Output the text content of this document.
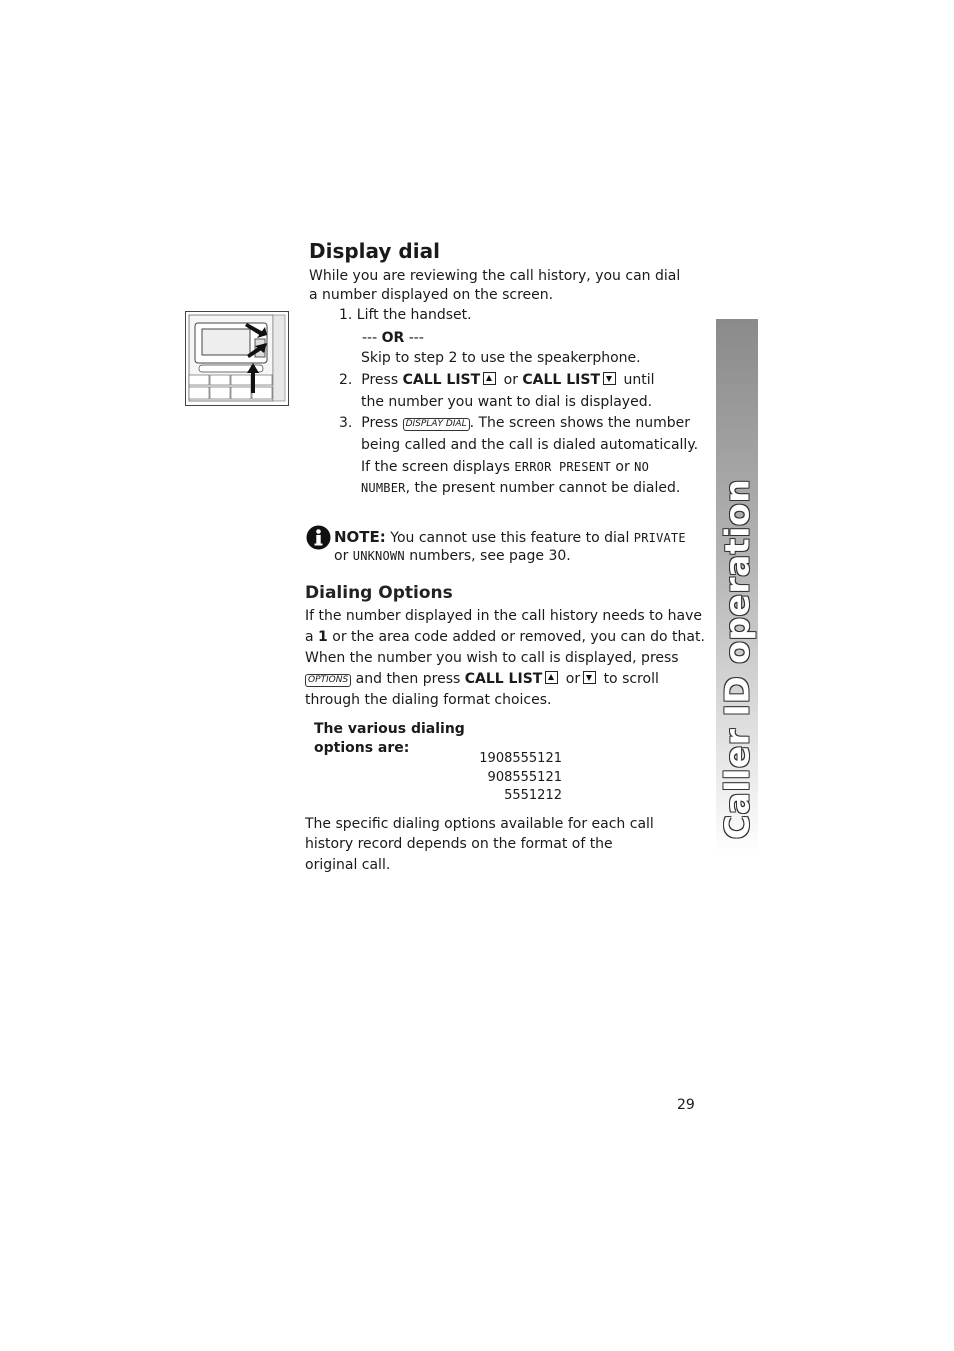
Display dial
While you are reviewing the call history, you can dial
a number displayed on the screen.
1. Lift the handset.
--- OR ---
Skip to step 2 to use the speakerphone.
2. Press CALL LIST or CALL LIST until
the number you want to dial is displayed.
3. Press DISPLAY DIAL . The screen shows the number
being called and the call is dialed automatically.
If the screen displays ERROR PRESENT or NO
NUMBER, the present number cannot be dialed.
NOTE: You cannot use this feature to dial PRIVATE
or UNKNOWN numbers, see page 30.
Dialing Options
If the number displayed in the call history needs to have
a 1 or the area code added or removed, you can do that.
When the number you wish to call is displayed, press
OPTIONS and then press CALL LIST or to scroll
through the dialing format choices.
The various dialing
options are:
1908555121
908555121
5551212
The specific dialing options available for each call
history record depends on the format of the
original call.
Caller ID operation
29
